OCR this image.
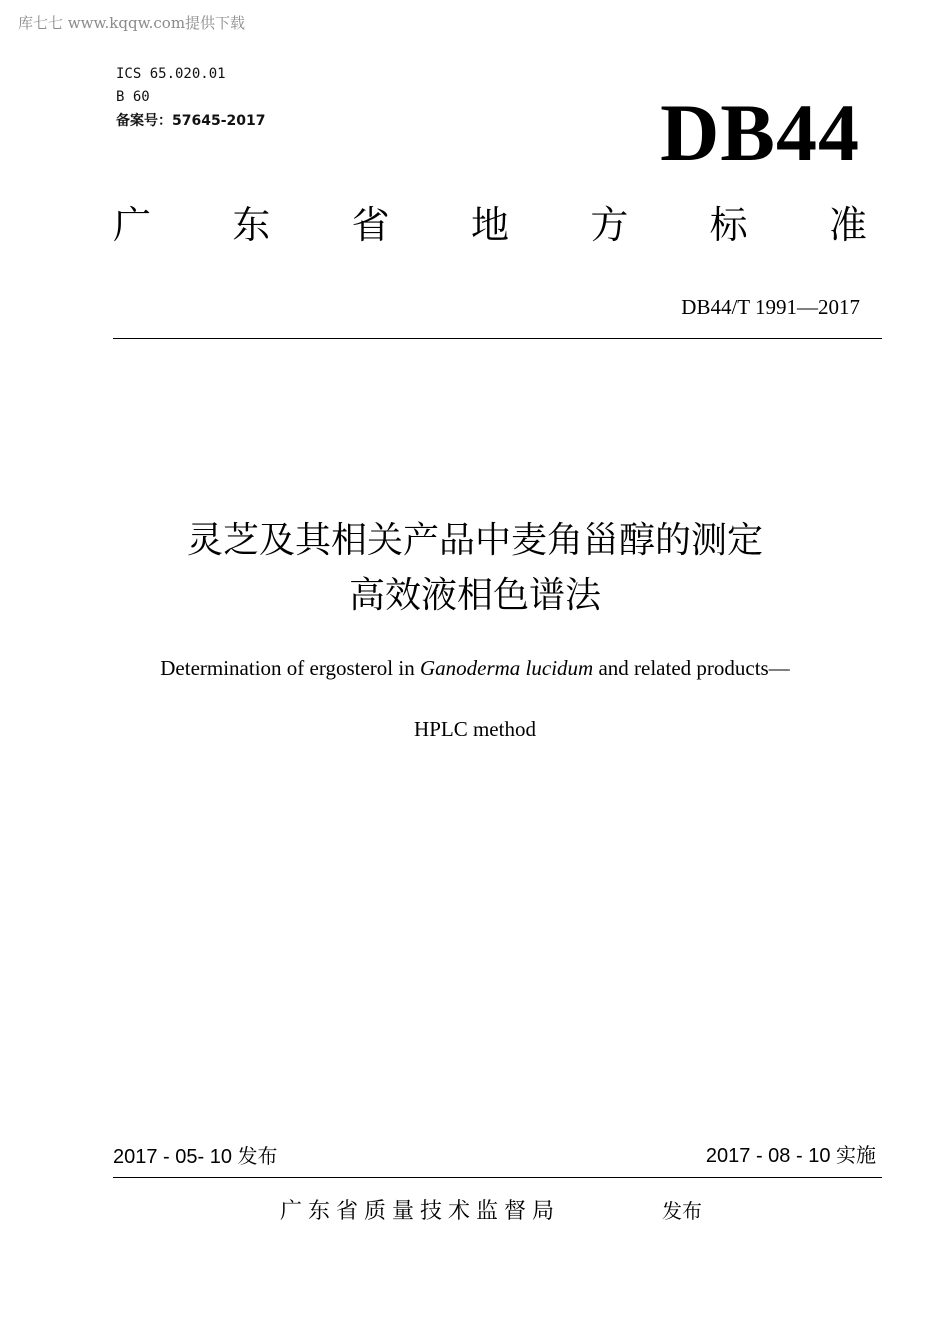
库七七 www.kqqw.com提供下载
ICS 65.020.01
B 60
备案号：57645-2017	DB44
广 东 省 地 方 标 准
DB44/T 1991—2017
灵芝及其相关产品中麦角甾醇的测定
高效液相色谱法
Determination of ergosterol in Ganoderma lucidum and related products—
HPLC method
2017 - 05- 10 发布	2017 - 08 - 10 实施
广东省质量技术监督局	发布
